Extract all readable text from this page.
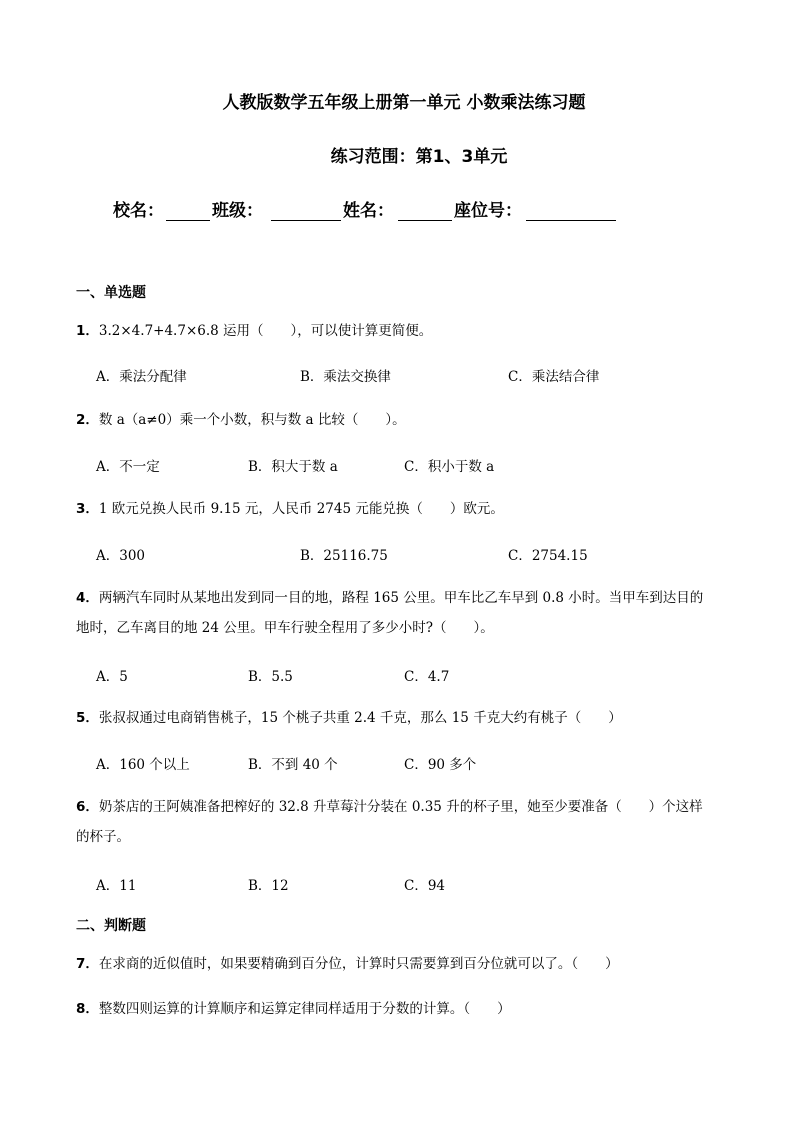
人教版数学五年级上册第一单元 小数乘法练习题
练习范围：第1、3单元
校名：	班级：	姓名：	座位号：
一、单选题
1．3.2×4.7+4.7×6.8 运用（　　），可以使计算更简便。
A．乘法分配律	B．乘法交换律	C．乘法结合律
2．数 a（a≠0）乘一个小数，积与数 a 比较（　　）。
A．不一定	B．积大于数 a	C．积小于数 a
3．1 欧元兑换人民币 9.15 元，人民币 2745 元能兑换（　　）欧元。
A．300	B．25116.75	C．2754.15
4．两辆汽车同时从某地出发到同一目的地，路程 165 公里。甲车比乙车早到 0.8 小时。当甲车到达目的地时，乙车离目的地 24 公里。甲车行驶全程用了多少小时?（　　）。
A．5	B．5.5	C．4.7
5．张叔叔通过电商销售桃子，15 个桃子共重 2.4 千克，那么 15 千克大约有桃子（　　）
A．160 个以上	B．不到 40 个	C．90 多个
6．奶茶店的王阿姨准备把榨好的 32.8 升草莓汁分装在 0.35 升的杯子里，她至少要准备（　　）个这样的杯子。
A．11	B．12	C．94
二、判断题
7．在求商的近似值时，如果要精确到百分位，计算时只需要算到百分位就可以了。（　　）
8．整数四则运算的计算顺序和运算定律同样适用于分数的计算。（　　）
